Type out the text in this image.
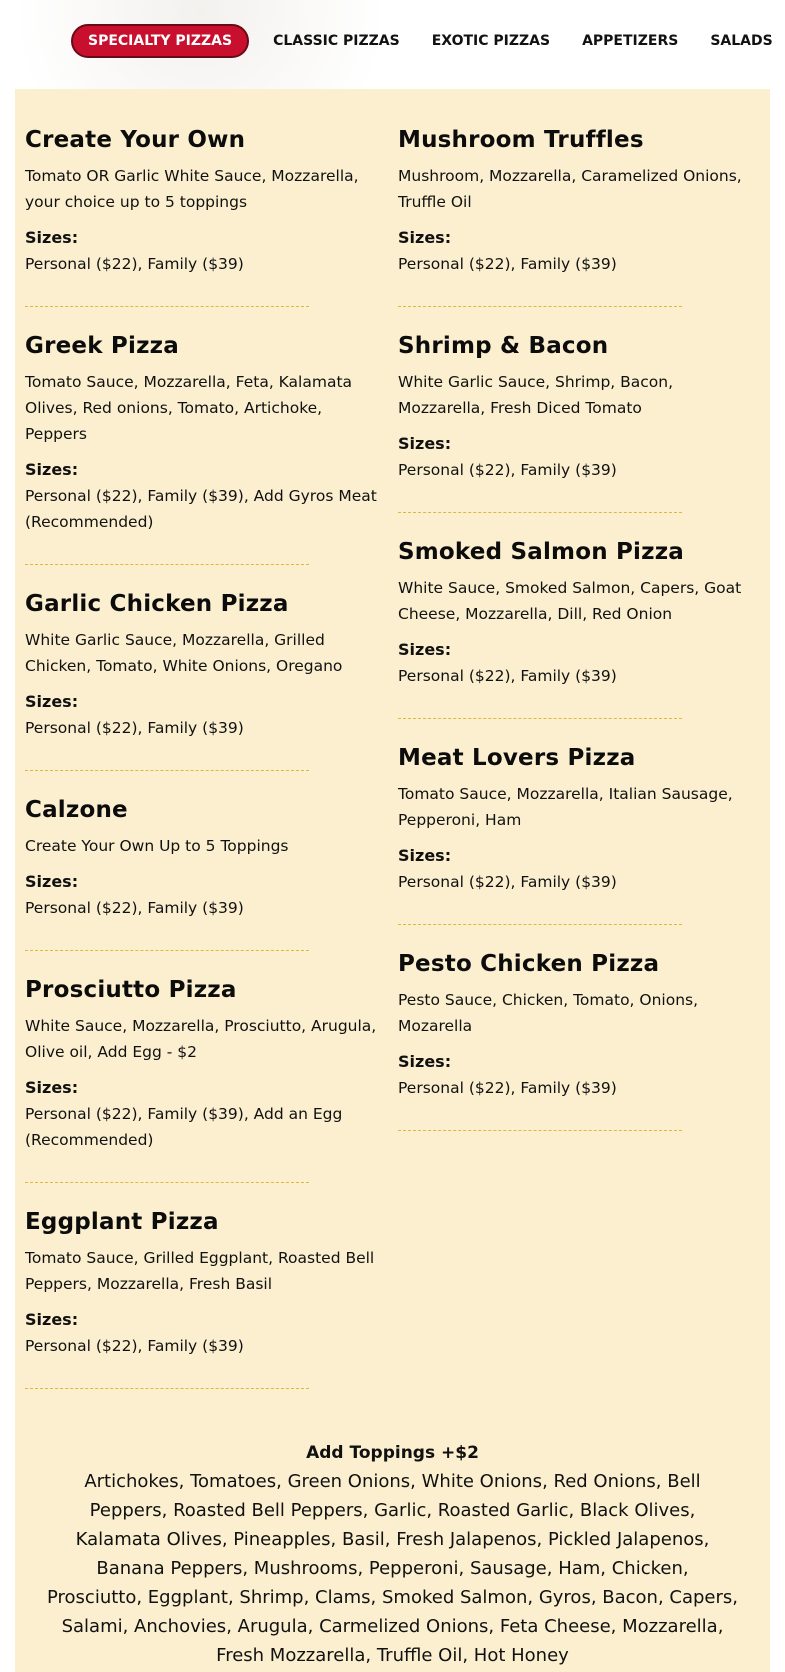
SPECIALTY PIZZAS	CLASSIC PIZZAS	EXOTIC PIZZAS	APPETIZERS	SALADS
Create Your Own
Tomato OR Garlic White Sauce, Mozzarella, your choice up to 5 toppings
Sizes:
Personal ($22), Family ($39)
Greek Pizza
Tomato Sauce, Mozzarella, Feta, Kalamata Olives, Red onions, Tomato, Artichoke, Peppers
Sizes:
Personal ($22), Family ($39), Add Gyros Meat (Recommended)
Garlic Chicken Pizza
White Garlic Sauce, Mozzarella, Grilled Chicken, Tomato, White Onions, Oregano
Sizes:
Personal ($22), Family ($39)
Calzone
Create Your Own Up to 5 Toppings
Sizes:
Personal ($22), Family ($39)
Prosciutto Pizza
White Sauce, Mozzarella, Prosciutto, Arugula, Olive oil, Add Egg - $2
Sizes:
Personal ($22), Family ($39), Add an Egg (Recommended)
Eggplant Pizza
Tomato Sauce, Grilled Eggplant, Roasted Bell Peppers, Mozzarella, Fresh Basil
Sizes:
Personal ($22), Family ($39)
Mushroom Truffles
Mushroom, Mozzarella, Caramelized Onions, Truffle Oil
Sizes:
Personal ($22), Family ($39)
Shrimp & Bacon
White Garlic Sauce, Shrimp, Bacon, Mozzarella, Fresh Diced Tomato
Sizes:
Personal ($22), Family ($39)
Smoked Salmon Pizza
White Sauce, Smoked Salmon, Capers, Goat Cheese, Mozzarella, Dill, Red Onion
Sizes:
Personal ($22), Family ($39)
Meat Lovers Pizza
Tomato Sauce, Mozzarella, Italian Sausage, Pepperoni, Ham
Sizes:
Personal ($22), Family ($39)
Pesto Chicken Pizza
Pesto Sauce, Chicken, Tomato, Onions, Mozarella
Sizes:
Personal ($22), Family ($39)
Add Toppings +$2

Artichokes, Tomatoes, Green Onions, White Onions, Red Onions, Bell Peppers, Roasted Bell Peppers, Garlic, Roasted Garlic, Black Olives, Kalamata Olives, Pineapples, Basil, Fresh Jalapenos, Pickled Jalapenos, Banana Peppers, Mushrooms, Pepperoni, Sausage, Ham, Chicken, Prosciutto, Eggplant, Shrimp, Clams, Smoked Salmon, Gyros, Bacon, Capers, Salami, Anchovies, Arugula, Carmelized Onions, Feta Cheese, Mozzarella, Fresh Mozzarella, Truffle Oil, Hot Honey
